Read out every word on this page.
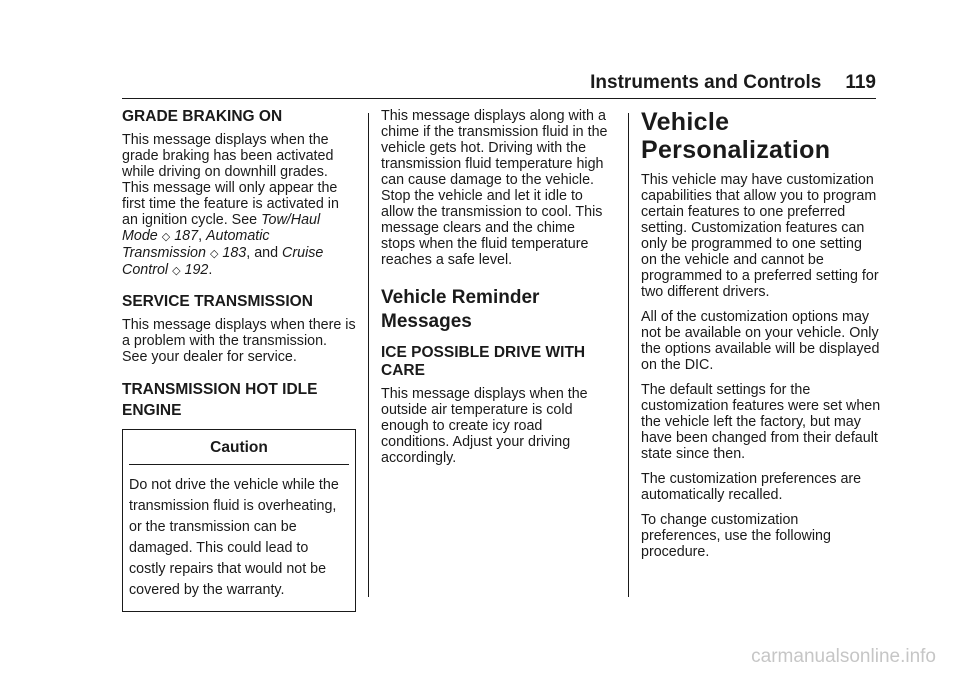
Instruments and Controls 119
GRADE BRAKING ON

This message displays when the grade braking has been activated while driving on downhill grades. This message will only appear the first time the feature is activated in an ignition cycle. See Tow/Haul Mode ◇ 187, Automatic Transmission ◇ 183, and Cruise Control ◇ 192.

SERVICE TRANSMISSION

This message displays when there is a problem with the transmission. See your dealer for service.

TRANSMISSION HOT IDLE ENGINE
Caution
Do not drive the vehicle while the transmission fluid is overheating, or the transmission can be damaged. This could lead to costly repairs that would not be covered by the warranty.

This message displays along with a chime if the transmission fluid in the vehicle gets hot. Driving with the transmission fluid temperature high can cause damage to the vehicle. Stop the vehicle and let it idle to allow the transmission to cool. This message clears and the chime stops when the fluid temperature reaches a safe level.

Vehicle Reminder Messages
ICE POSSIBLE DRIVE WITH CARE

This message displays when the outside air temperature is cold enough to create icy road conditions. Adjust your driving accordingly.

Vehicle Personalization

This vehicle may have customization capabilities that allow you to program certain features to one preferred setting. Customization features can only be programmed to one setting on the vehicle and cannot be programmed to a preferred setting for two different drivers.

All of the customization options may not be available on your vehicle. Only the options available will be displayed on the DIC.

The default settings for the customization features were set when the vehicle left the factory, but may have been changed from their default state since then.

The customization preferences are automatically recalled.

To change customization preferences, use the following procedure.

carmanualsonline.info
